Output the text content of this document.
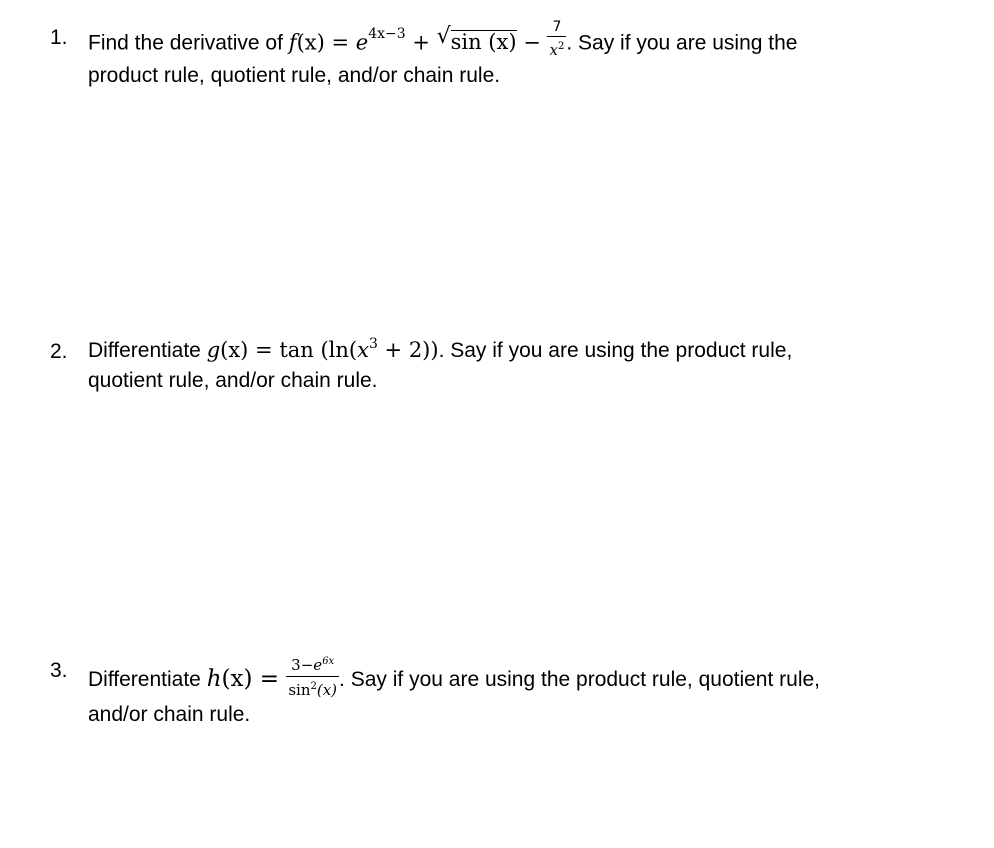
1. Find the derivative of $f(x) = e^{4x-3}$ + √ $\sin (x) - \frac{7}{x^2}$ . Say if you are using the
product rule, quotient rule, and/or chain rule.
2. Differentiate $g(x) = \tan (\ln(x^3 + 2))$. Say if you are using the product rule,
quotient rule, and/or chain rule.
3. Differentiate $h(x) = \frac{3-e^{6x}}{\sin^2(x)}$ . Say if you are using the product rule, quotient rule,
and/or chain rule.
